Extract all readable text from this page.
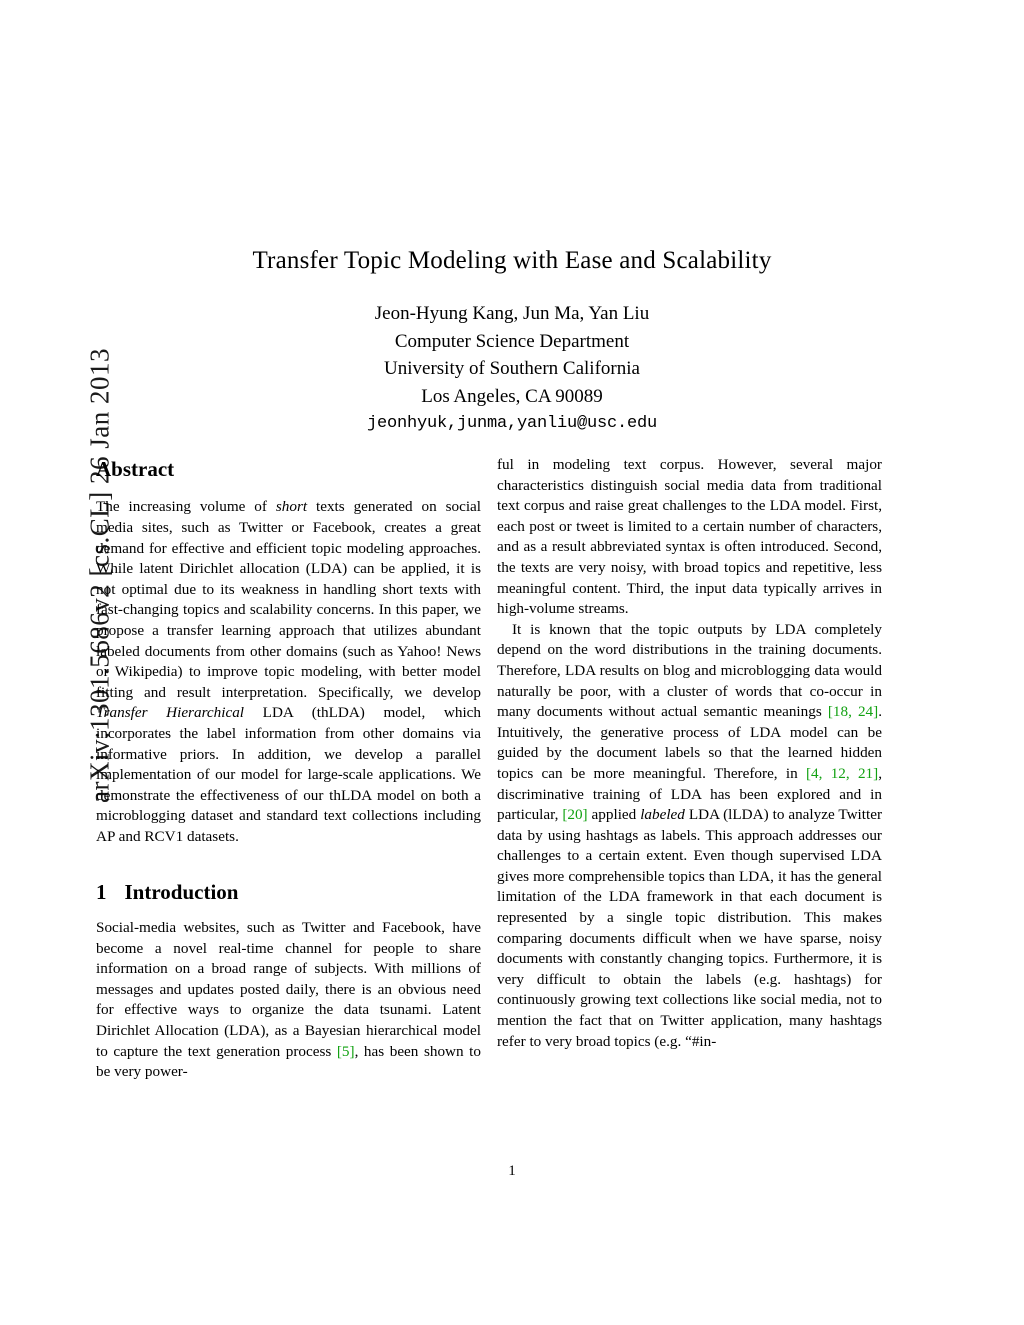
arXiv:1301.5686v2 [cs.CL] 26 Jan 2013
Transfer Topic Modeling with Ease and Scalability
Jeon-Hyung Kang, Jun Ma, Yan Liu
Computer Science Department
University of Southern California
Los Angeles, CA 90089
jeonhyuk,junma,yanliu@usc.edu
Abstract

The increasing volume of short texts generated on social media sites, such as Twitter or Facebook, creates a great demand for effective and efficient topic modeling approaches. While latent Dirichlet allocation (LDA) can be applied, it is not optimal due to its weakness in handling short texts with fast-changing topics and scalability concerns. In this paper, we propose a transfer learning approach that utilizes abundant labeled documents from other domains (such as Yahoo! News or Wikipedia) to improve topic modeling, with better model fitting and result interpretation. Specifically, we develop Transfer Hierarchical LDA (thLDA) model, which incorporates the label information from other domains via informative priors. In addition, we develop a parallel implementation of our model for large-scale applications. We demonstrate the effectiveness of our thLDA model on both a microblogging dataset and standard text collections including AP and RCV1 datasets.

1 Introduction

Social-media websites, such as Twitter and Facebook, have become a novel real-time channel for people to share information on a broad range of subjects. With millions of messages and updates posted daily, there is an obvious need for effective ways to organize the data tsunami. Latent Dirichlet Allocation (LDA), as a Bayesian hierarchical model to capture the text generation process [5], has been shown to be very power-

ful in modeling text corpus. However, several major characteristics distinguish social media data from traditional text corpus and raise great challenges to the LDA model. First, each post or tweet is limited to a certain number of characters, and as a result abbreviated syntax is often introduced. Second, the texts are very noisy, with broad topics and repetitive, less meaningful content. Third, the input data typically arrives in high-volume streams.

It is known that the topic outputs by LDA completely depend on the word distributions in the training documents. Therefore, LDA results on blog and microblogging data would naturally be poor, with a cluster of words that co-occur in many documents without actual semantic meanings [18, 24]. Intuitively, the generative process of LDA model can be guided by the document labels so that the learned hidden topics can be more meaningful. Therefore, in [4, 12, 21], discriminative training of LDA has been explored and in particular, [20] applied labeled LDA (lLDA) to analyze Twitter data by using hashtags as labels. This approach addresses our challenges to a certain extent. Even though supervised LDA gives more comprehensible topics than LDA, it has the general limitation of the LDA framework in that each document is represented by a single topic distribution. This makes comparing documents difficult when we have sparse, noisy documents with constantly changing topics. Furthermore, it is very difficult to obtain the labels (e.g. hashtags) for continuously growing text collections like social media, not to mention the fact that on Twitter application, many hashtags refer to very broad topics (e.g. “#in-

1
